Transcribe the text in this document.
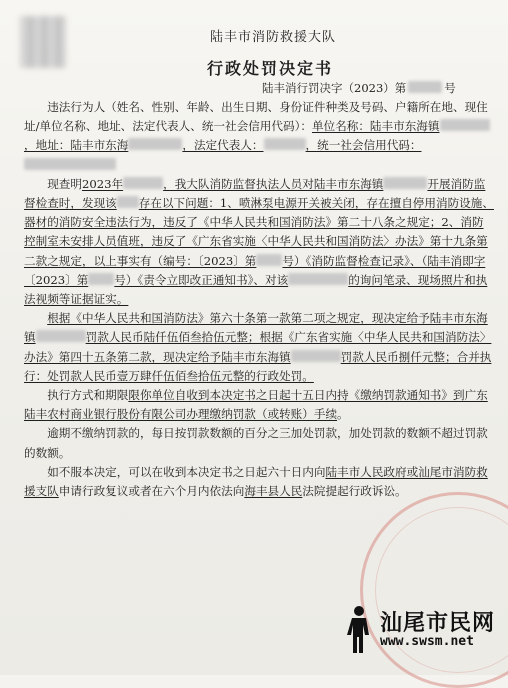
陆丰市消防救援大队
行政处罚决定书
陆丰消行罚决字（2023）第	号

违法行为人（姓名、性别、年龄、出生日期、身份证件种类及号码、户籍所在地、现住址/单位名称、地址、法定代表人、统一社会信用代码）：单位名称：陆丰市东海镇，地址：陆丰市东海	，法定代表人：	，统一社会信用代码：

现查明2023年	，我大队消防监督执法人员对陆丰市东海镇	开展消防监督检查时，发现该 存在以下问题：1、喷淋泵电源开关被关闭，存在擅自停用消防设施、器材的消防安全违法行为，违反了《中华人民共和国消防法》第二十八条之规定；2、消防控制室未安排人员值班，违反了《广东省实施〈中华人民共和国消防法〉办法》第十九条第二款之规定，以上事实有（编号：〔2023〕第 号）《消防监督检查记录》、（陆丰消即字〔2023〕第 号）《责令立即改正通知书》、对该	的询问笔录、现场照片和执法视频等证据证实。

根据《中华人民共和国消防法》第六十条第一款第二项之规定，现决定给予陆丰市东海镇	罚款人民币陆仟伍佰叁拾伍元整；根据《广东省实施〈中华人民共和国消防法〉办法》第四十五条第二款，现决定给予陆丰市东海镇	罚款人民币捌仟元整；合并执行：处罚款人民币壹万肆仟伍佰叁拾伍元整的行政处罚。

执行方式和期限限你单位自收到本决定书之日起十五日内持《缴纳罚款通知书》到广东陆丰农村商业银行股份有限公司办理缴纳罚款（或转账）手续。

逾期不缴纳罚款的，每日按罚款数额的百分之三加处罚款，加处罚款的数额不超过罚款的数额。

如不服本决定，可以在收到本决定书之日起六十日内向陆丰市人民政府或汕尾市消防救援支队申请行政复议或者在六个月内依法向海丰县人民法院提起行政诉讼。

汕尾市民网
www.swsm.net
